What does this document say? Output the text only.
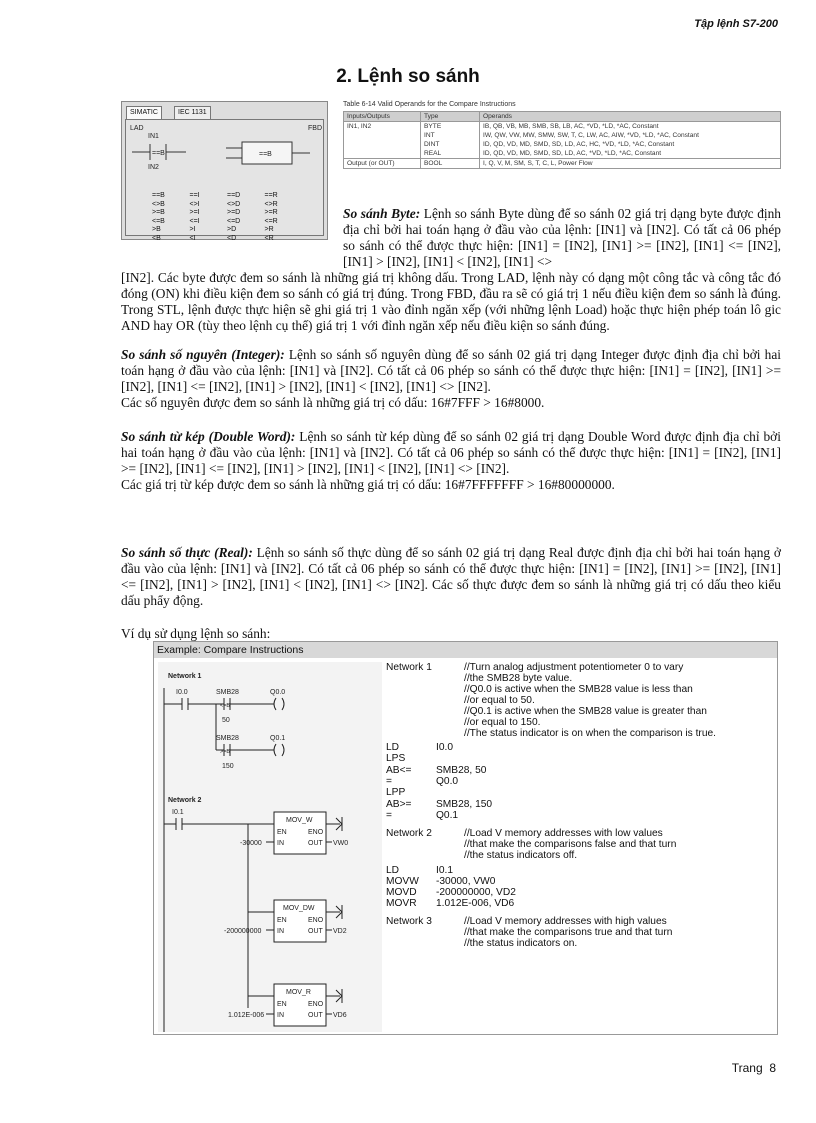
Tập lệnh S7-200
2. Lệnh so sánh
SIMATIC	IEC 1131
LAD	FBD
IN1
IN2
==B	==B
==B	==I	==D	==R
<>B	<>I	<>D	<>R
>=B	>=I	>=D	>=R
<=B	<=I	<=D	<=R
>B	>I	>D	>R
<B	<I	<D	<R
Table 6-14 Valid Operands for the Compare Instructions
Inputs/Outputs	Type	Operands
IN1, IN2	BYTE	IB, QB, VB, MB, SMB, SB, LB, AC, *VD, *LD, *AC, Constant
	INT	IW, QW, VW, MW, SMW, SW, T, C, LW, AC, AIW, *VD, *LD, *AC, Constant
	DINT	ID, QD, VD, MD, SMD, SD, LD, AC, HC, *VD, *LD, *AC, Constant
	REAL	ID, QD, VD, MD, SMD, SD, LD, AC, *VD, *LD, *AC, Constant
Output (or OUT)	BOOL	I, Q, V, M, SM, S, T, C, L, Power Flow
So sánh Byte: Lệnh so sánh Byte dùng để so sánh 02 giá trị dạng byte được định địa chỉ bởi hai toán hạng ở đầu vào của lệnh: [IN1] và [IN2]. Có tất cả 06 phép so sánh có thể được thực hiện: [IN1] = [IN2], [IN1] >= [IN2], [IN1] <= [IN2], [IN1] > [IN2], [IN1] < [IN2], [IN1] <>
[IN2]. Các byte được đem so sánh là những giá trị không dấu. Trong LAD, lệnh này có dạng một công tắc và công tắc đó đóng (ON) khi điều kiện đem so sánh có giá trị đúng. Trong FBD, đầu ra sẽ có giá trị 1 nếu điều kiện đem so sánh là đúng. Trong STL, lệnh được thực hiện sẽ ghi giá trị 1 vào đỉnh ngăn xếp (với những lệnh Load) hoặc thực hiện phép toán lô gic AND hay OR (tùy theo lệnh cụ thể) giá trị 1 với đỉnh ngăn xếp nếu điều kiện so sánh đúng.
So sánh số nguyên (Integer): Lệnh so sánh số nguyên dùng để so sánh 02 giá trị dạng Integer được định địa chỉ bởi hai toán hạng ở đầu vào của lệnh: [IN1] và [IN2]. Có tất cả 06 phép so sánh có thể được thực hiện: [IN1] = [IN2], [IN1] >= [IN2], [IN1] <= [IN2], [IN1] > [IN2], [IN1] < [IN2], [IN1] <> [IN2].
Các số nguyên được đem so sánh là những giá trị có dấu: 16#7FFF > 16#8000.
So sánh từ kép (Double Word): Lệnh so sánh từ kép dùng để so sánh 02 giá trị dạng Double Word được định địa chỉ bởi hai toán hạng ở đầu vào của lệnh: [IN1] và [IN2]. Có tất cả 06 phép so sánh có thể được thực hiện: [IN1] = [IN2], [IN1] >= [IN2], [IN1] <= [IN2], [IN1] > [IN2], [IN1] < [IN2], [IN1] <> [IN2].
Các giá trị từ kép được đem so sánh là những giá trị có dấu: 16#7FFFFFFF > 16#80000000.
So sánh số thực (Real): Lệnh so sánh số thực dùng để so sánh 02 giá trị dạng Real được định địa chỉ bởi hai toán hạng ở đầu vào của lệnh: [IN1] và [IN2]. Có tất cả 06 phép so sánh có thể được thực hiện: [IN1] = [IN2], [IN1] >= [IN2], [IN1] <= [IN2], [IN1] > [IN2], [IN1] < [IN2], [IN1] <> [IN2]. Các số thực được đem so sánh là những giá trị có dấu theo kiểu dấu phẩy động.
Ví dụ sử dụng lệnh so sánh:
Example: Compare Instructions
Network 1
I0.0	SMB28	Q0.0
<=B
50
SMB28	Q0.1
>=B
150
Network 2
I0.1
MOV_W
EN	ENO
IN	OUT
-30000	VW0
MOV_DW
EN	ENO
IN	OUT
-200000000	VD2
MOV_R
EN	ENO
IN	OUT
1.012E-006	VD6
Network 1	//Turn analog adjustment potentiometer 0 to vary
//the SMB28 byte value.
//Q0.0 is active when the SMB28 value is less than
//or equal to 50.
//Q0.1 is active when the SMB28 value is greater than
//or equal to 150.
//The status indicator is on when the comparison is true.
LD	I0.0
LPS
AB<= SMB28, 50
=	Q0.0
LPP
AB>= SMB28, 150
=	Q0.1
Network 2	//Load V memory addresses with low values
//that make the comparisons false and that turn
//the status indicators off.
LD	I0.1
MOVW -30000, VW0
MOVD -200000000, VD2
MOVR 1.012E-006, VD6
Network 3	//Load V memory addresses with high values
//that make the comparisons true and that turn
//the status indicators on.
Trang 8
